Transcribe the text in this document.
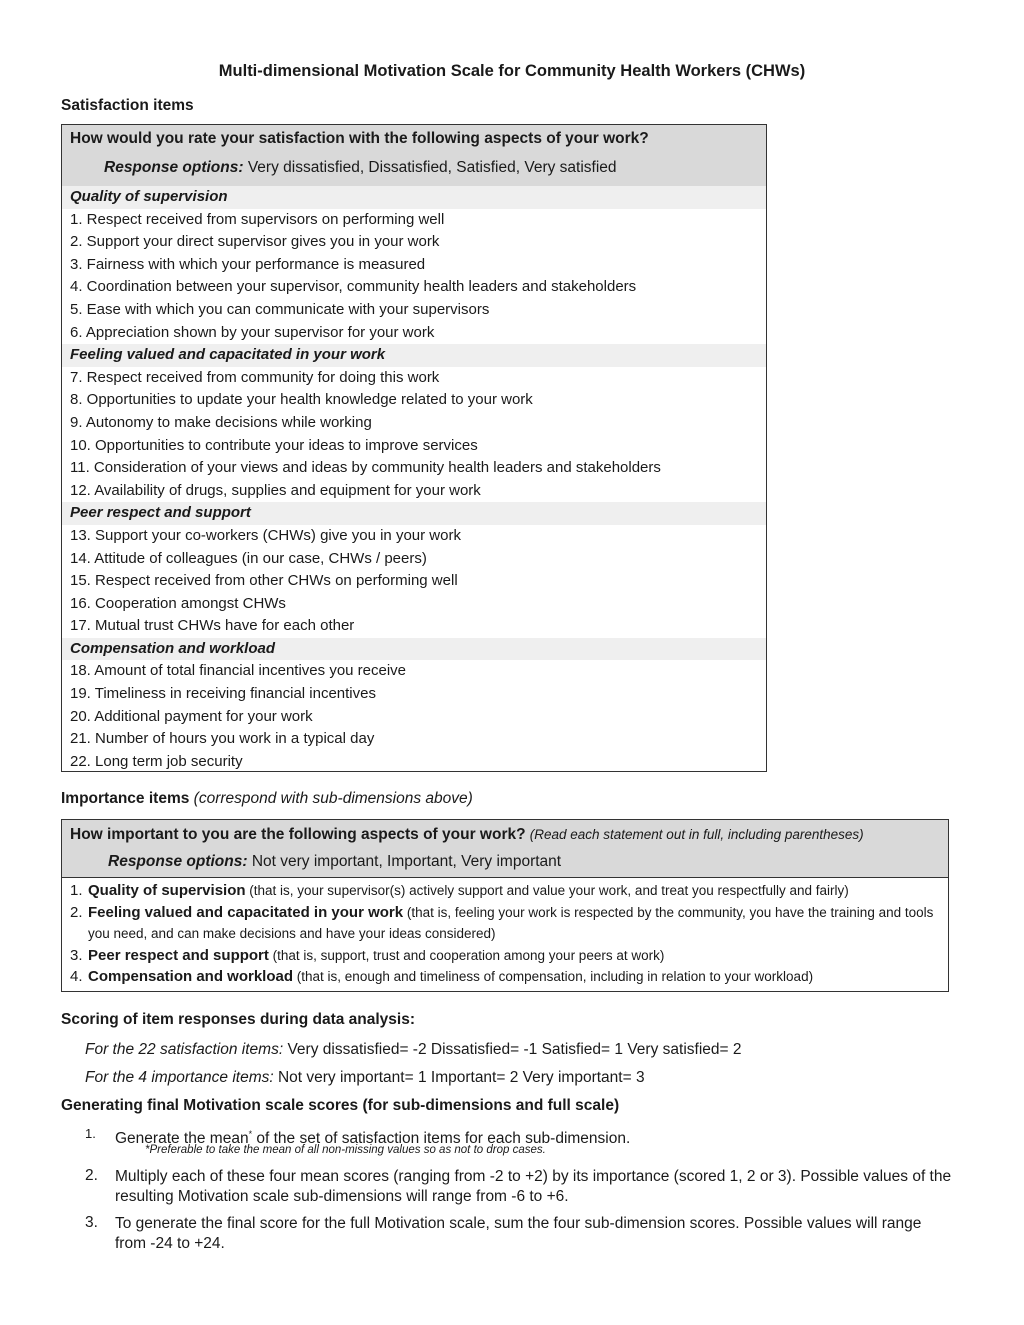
Multi-dimensional Motivation Scale for Community Health Workers (CHWs)
Satisfaction items
How would you rate your satisfaction with the following aspects of your work?
Response options: Very dissatisfied, Dissatisfied, Satisfied, Very satisfied
Quality of supervision
1. Respect received from supervisors on performing well
2. Support your direct supervisor gives you in your work
3. Fairness with which your performance is measured
4. Coordination between your supervisor, community health leaders and stakeholders
5. Ease with which you can communicate with your supervisors
6. Appreciation shown by your supervisor for your work
Feeling valued and capacitated in your work
7. Respect received from community for doing this work
8. Opportunities to update your health knowledge related to your work
9. Autonomy to make decisions while working
10. Opportunities to contribute your ideas to improve services
11. Consideration of your views and ideas by community health leaders and stakeholders
12. Availability of drugs, supplies and equipment for your work
Peer respect and support
13. Support your co-workers (CHWs) give you in your work
14. Attitude of colleagues (in our case, CHWs / peers)
15. Respect received from other CHWs on performing well
16. Cooperation amongst CHWs
17. Mutual trust CHWs have for each other
Compensation and workload
18. Amount of total financial incentives you receive
19. Timeliness in receiving financial incentives
20. Additional payment for your work
21. Number of hours you work in a typical day
22. Long term job security
Importance items (correspond with sub-dimensions above)
How important to you are the following aspects of your work? (Read each statement out in full, including parentheses)
Response options: Not very important, Important, Very important
1. Quality of supervision (that is, your supervisor(s) actively support and value your work, and treat you respectfully and fairly)
2. Feeling valued and capacitated in your work (that is, feeling your work is respected by the community, you have the training and tools you need, and can make decisions and have your ideas considered)
3. Peer respect and support (that is, support, trust and cooperation among your peers at work)
4. Compensation and workload (that is, enough and timeliness of compensation, including in relation to your workload)
Scoring of item responses during data analysis:
For the 22 satisfaction items: Very dissatisfied= -2 Dissatisfied= -1 Satisfied= 1 Very satisfied= 2
For the 4 importance items: Not very important= 1 Important= 2 Very important= 3
Generating final Motivation scale scores (for sub-dimensions and full scale)
1.	Generate the mean* of the set of satisfaction items for each sub-dimension.
*Preferable to take the mean of all non-missing values so as not to drop cases.
2.	Multiply each of these four mean scores (ranging from -2 to +2) by its importance (scored 1, 2 or 3). Possible values of the resulting Motivation scale sub-dimensions will range from -6 to +6.
3.	To generate the final score for the full Motivation scale, sum the four sub-dimension scores. Possible values will range from -24 to +24.
